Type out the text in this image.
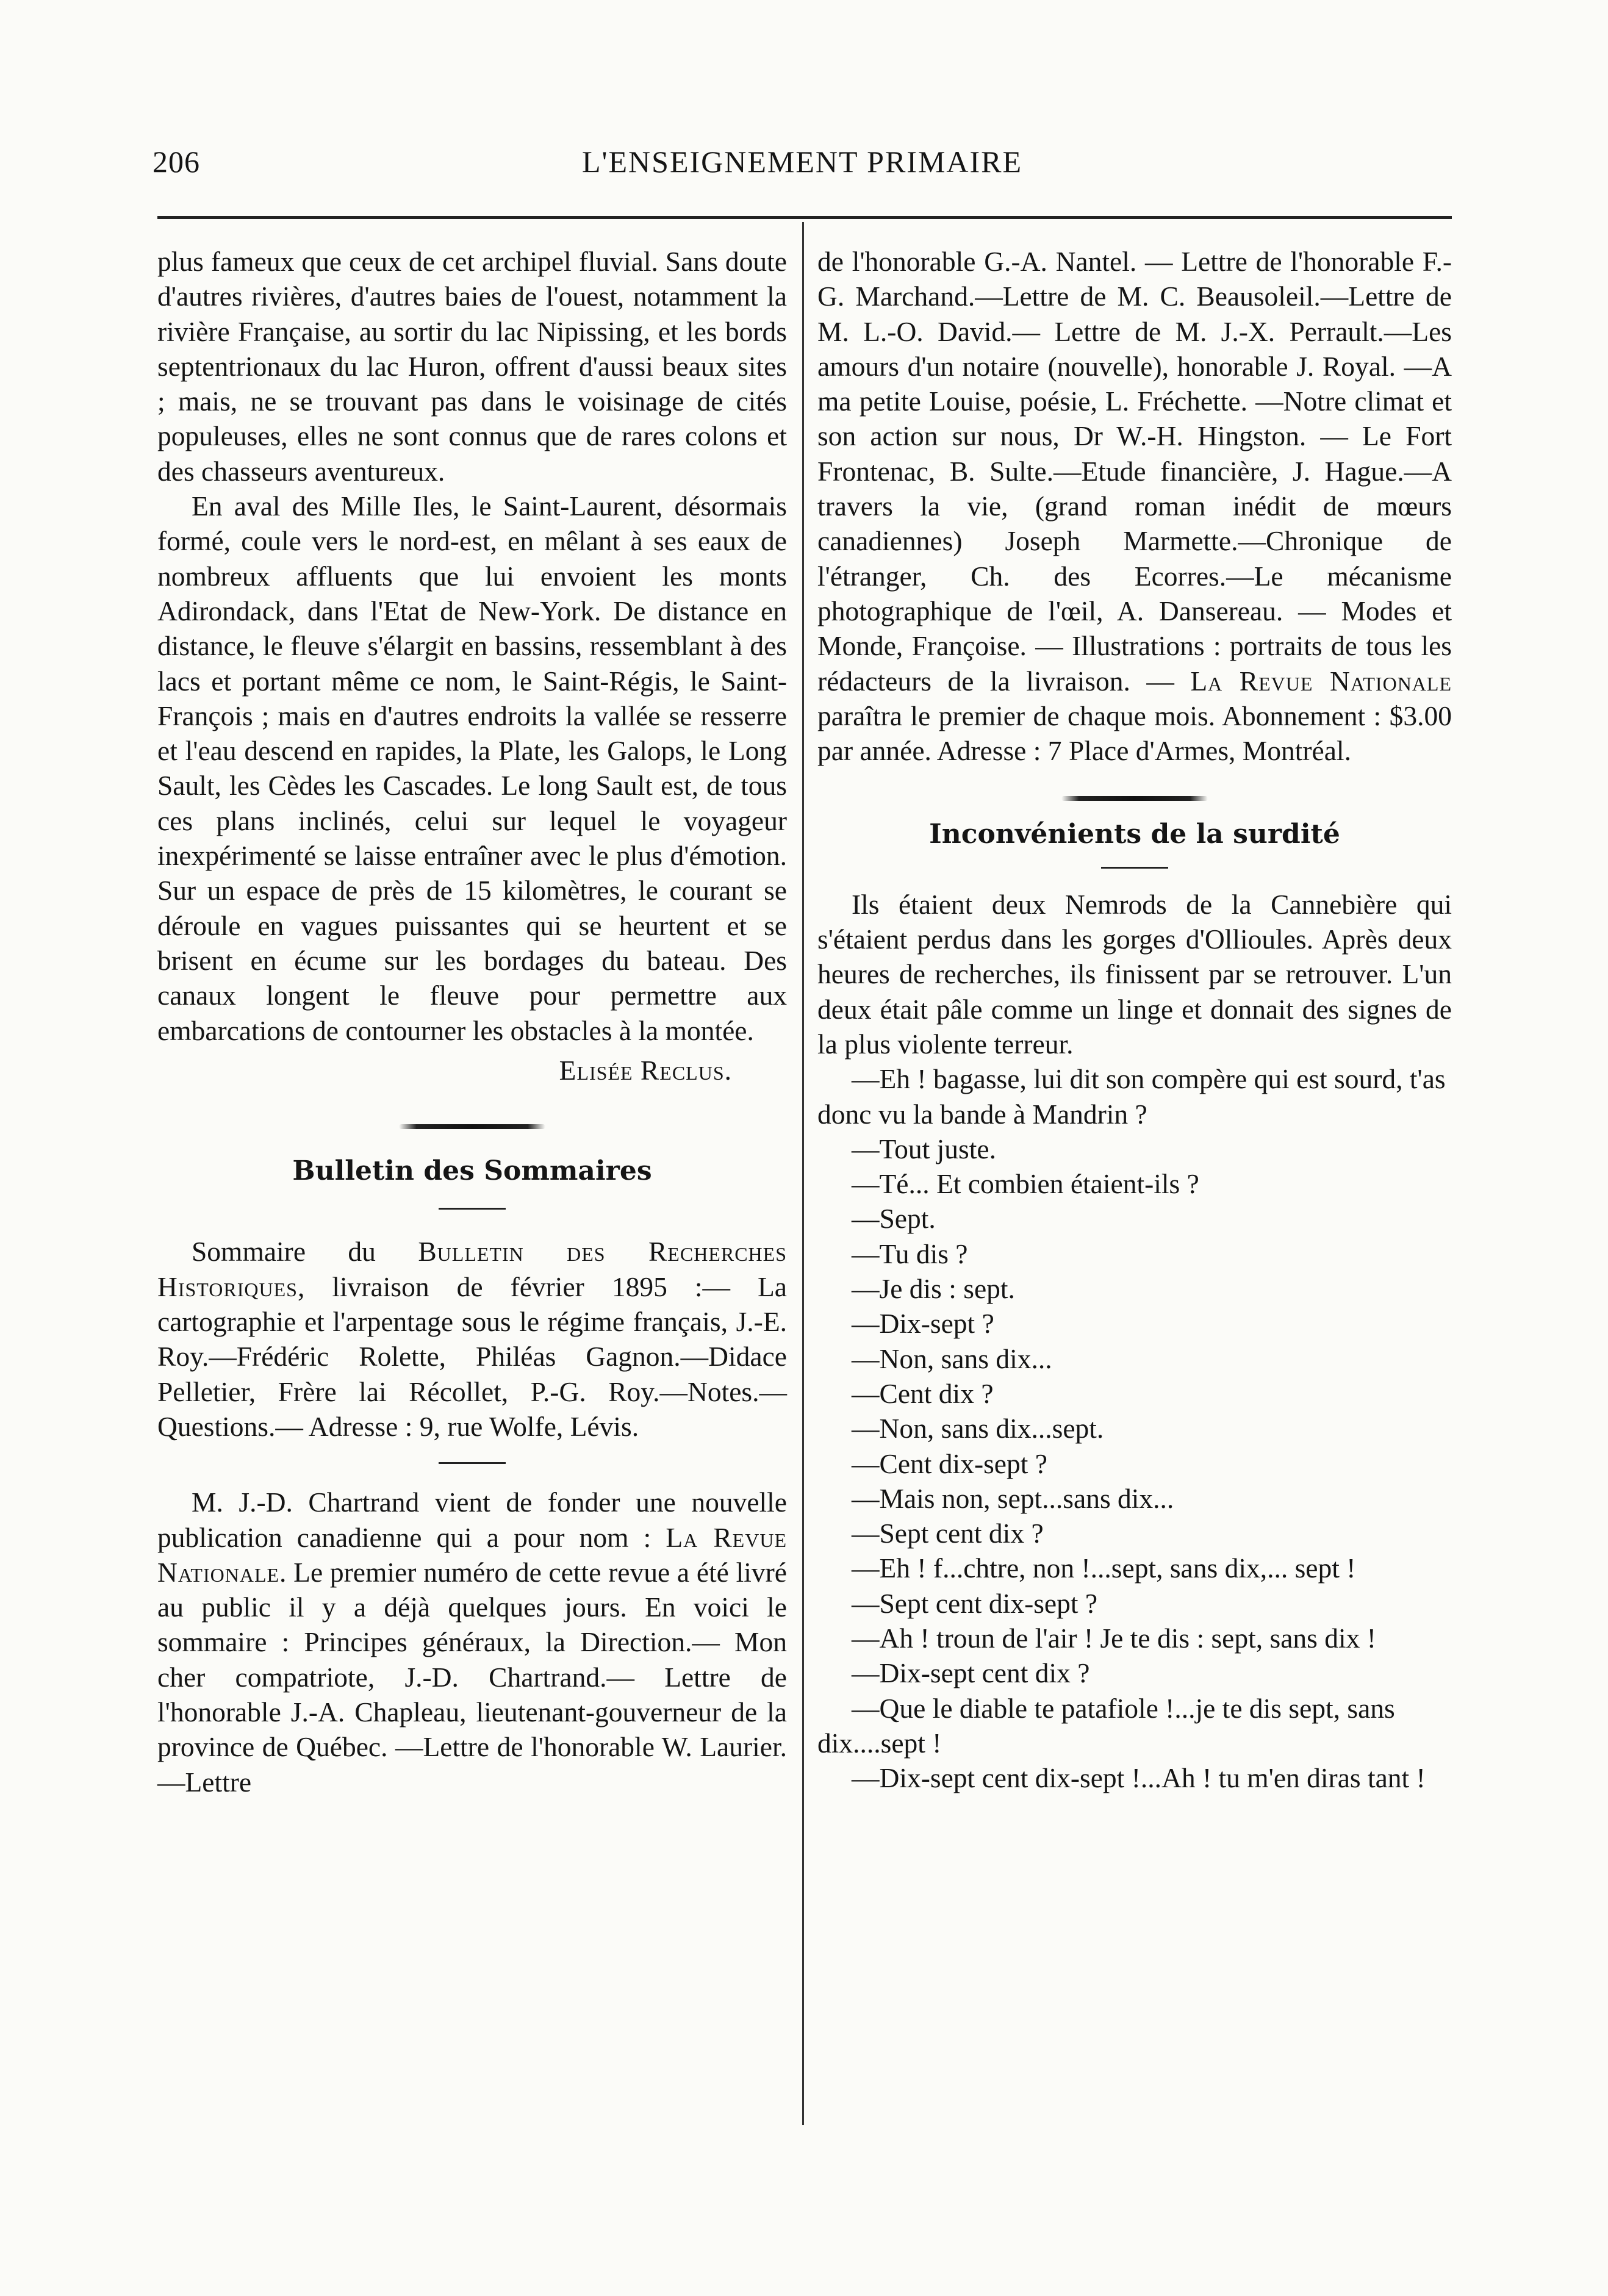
206	L'ENSEIGNEMENT PRIMAIRE

plus fameux que ceux de cet archipel fluvial. Sans doute d'autres rivières, d'autres baies de l'ouest, notamment la rivière Française, au sortir du lac Nipissing, et les bords septentrionaux du lac Huron, offrent d'aussi beaux sites ; mais, ne se trouvant pas dans le voisinage de cités populeuses, elles ne sont connus que de rares colons et des chasseurs aventureux.

En aval des Mille Iles, le Saint-Laurent, désormais formé, coule vers le nord-est, en mêlant à ses eaux de nombreux affluents que lui envoient les monts Adirondack, dans l'Etat de New-York. De distance en distance, le fleuve s'élargit en bassins, ressemblant à des lacs et portant même ce nom, le Saint-Régis, le Saint-François ; mais en d'autres endroits la vallée se resserre et l'eau descend en rapides, la Plate, les Galops, le Long Sault, les Cèdes les Cascades. Le long Sault est, de tous ces plans inclinés, celui sur lequel le voyageur inexpérimenté se laisse entraîner avec le plus d'émotion. Sur un espace de près de 15 kilomètres, le courant se déroule en vagues puissantes qui se heurtent et se brisent en écume sur les bordages du bateau. Des canaux longent le fleuve pour permettre aux embarcations de contourner les obstacles à la montée.

Elisée Reclus.

Bulletin des Sommaires

Sommaire du Bulletin des Recherches Historiques, livraison de février 1895 :— La cartographie et l'arpentage sous le régime français, J.-E. Roy.—Frédéric Rolette, Philéas Gagnon.—Didace Pelletier, Frère lai Récollet, P.-G. Roy.—Notes.—Questions.— Adresse : 9, rue Wolfe, Lévis.

M. J.-D. Chartrand vient de fonder une nouvelle publication canadienne qui a pour nom : La Revue Nationale. Le premier numéro de cette revue a été livré au public il y a déjà quelques jours. En voici le sommaire : Principes généraux, la Direction.— Mon cher compatriote, J.-D. Chartrand.— Lettre de l'honorable J.-A. Chapleau, lieutenant-gouverneur de la province de Québec. —Lettre de l'honorable W. Laurier.—Lettre

de l'honorable G.-A. Nantel. — Lettre de l'honorable F.-G. Marchand.—Lettre de M. C. Beausoleil.—Lettre de M. L.-O. David.— Lettre de M. J.-X. Perrault.—Les amours d'un notaire (nouvelle), honorable J. Royal. —A ma petite Louise, poésie, L. Fréchette. —Notre climat et son action sur nous, Dr W.-H. Hingston. — Le Fort Frontenac, B. Sulte.—Etude financière, J. Hague.—A travers la vie, (grand roman inédit de mœurs canadiennes) Joseph Marmette.—Chronique de l'étranger, Ch. des Ecorres.—Le mécanisme photographique de l'œil, A. Dansereau. — Modes et Monde, Françoise. — Illustrations : portraits de tous les rédacteurs de la livraison. — La Revue Nationale paraîtra le premier de chaque mois. Abonnement : $3.00 par année. Adresse : 7 Place d'Armes, Montréal.

Inconvénients de la surdité

Ils étaient deux Nemrods de la Cannebière qui s'étaient perdus dans les gorges d'Ollioules. Après deux heures de recherches, ils finissent par se retrouver. L'un deux était pâle comme un linge et donnait des signes de la plus violente terreur.

—Eh ! bagasse, lui dit son compère qui est sourd, t'as donc vu la bande à Mandrin ?

—Tout juste.

—Té... Et combien étaient-ils ?

—Sept.

—Tu dis ?

—Je dis : sept.

—Dix-sept ?

—Non, sans dix...

—Cent dix ?

—Non, sans dix...sept.

—Cent dix-sept ?

—Mais non, sept...sans dix...

—Sept cent dix ?

—Eh ! f...chtre, non !...sept, sans dix,... sept !

—Sept cent dix-sept ?

—Ah ! troun de l'air ! Je te dis : sept, sans dix !

—Dix-sept cent dix ?

—Que le diable te patafiole !...je te dis sept, sans dix....sept !

—Dix-sept cent dix-sept !...Ah ! tu m'en diras tant !
